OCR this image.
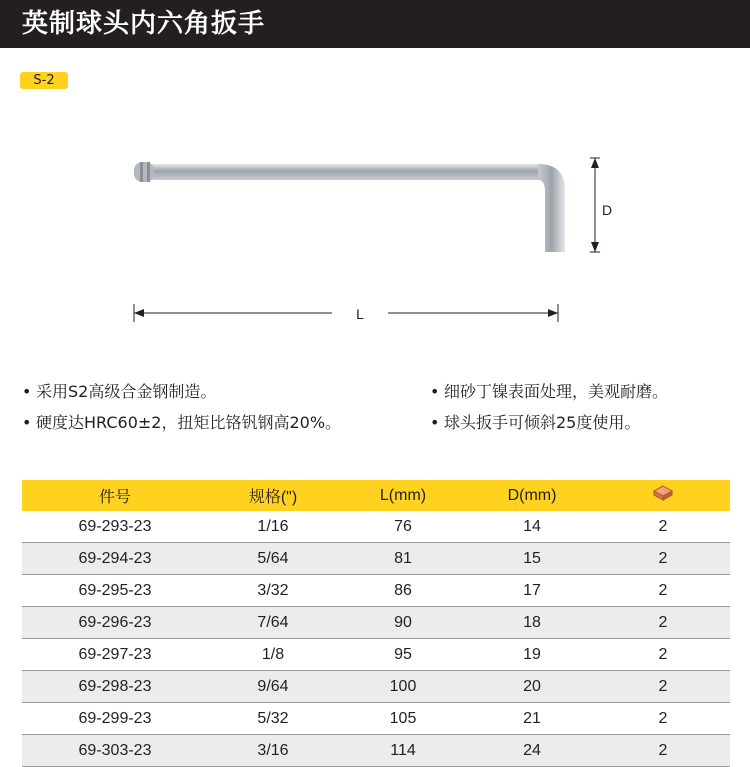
英制球头内六角扳手
S-2
D
L
• 采用S2高级合金钢制造。
• 硬度达HRC60±2，扭矩比铬钒钢高20%。
• 细砂丁镍表面处理，美观耐磨。
• 球头扳手可倾斜25度使用。
件号	规格(")	L(mm)	D(mm)	
69-293-23	1/16	76	14	2
69-294-23	5/64	81	15	2
69-295-23	3/32	86	17	2
69-296-23	7/64	90	18	2
69-297-23	1/8	95	19	2
69-298-23	9/64	100	20	2
69-299-23	5/32	105	21	2
69-303-23	3/16	114	24	2
